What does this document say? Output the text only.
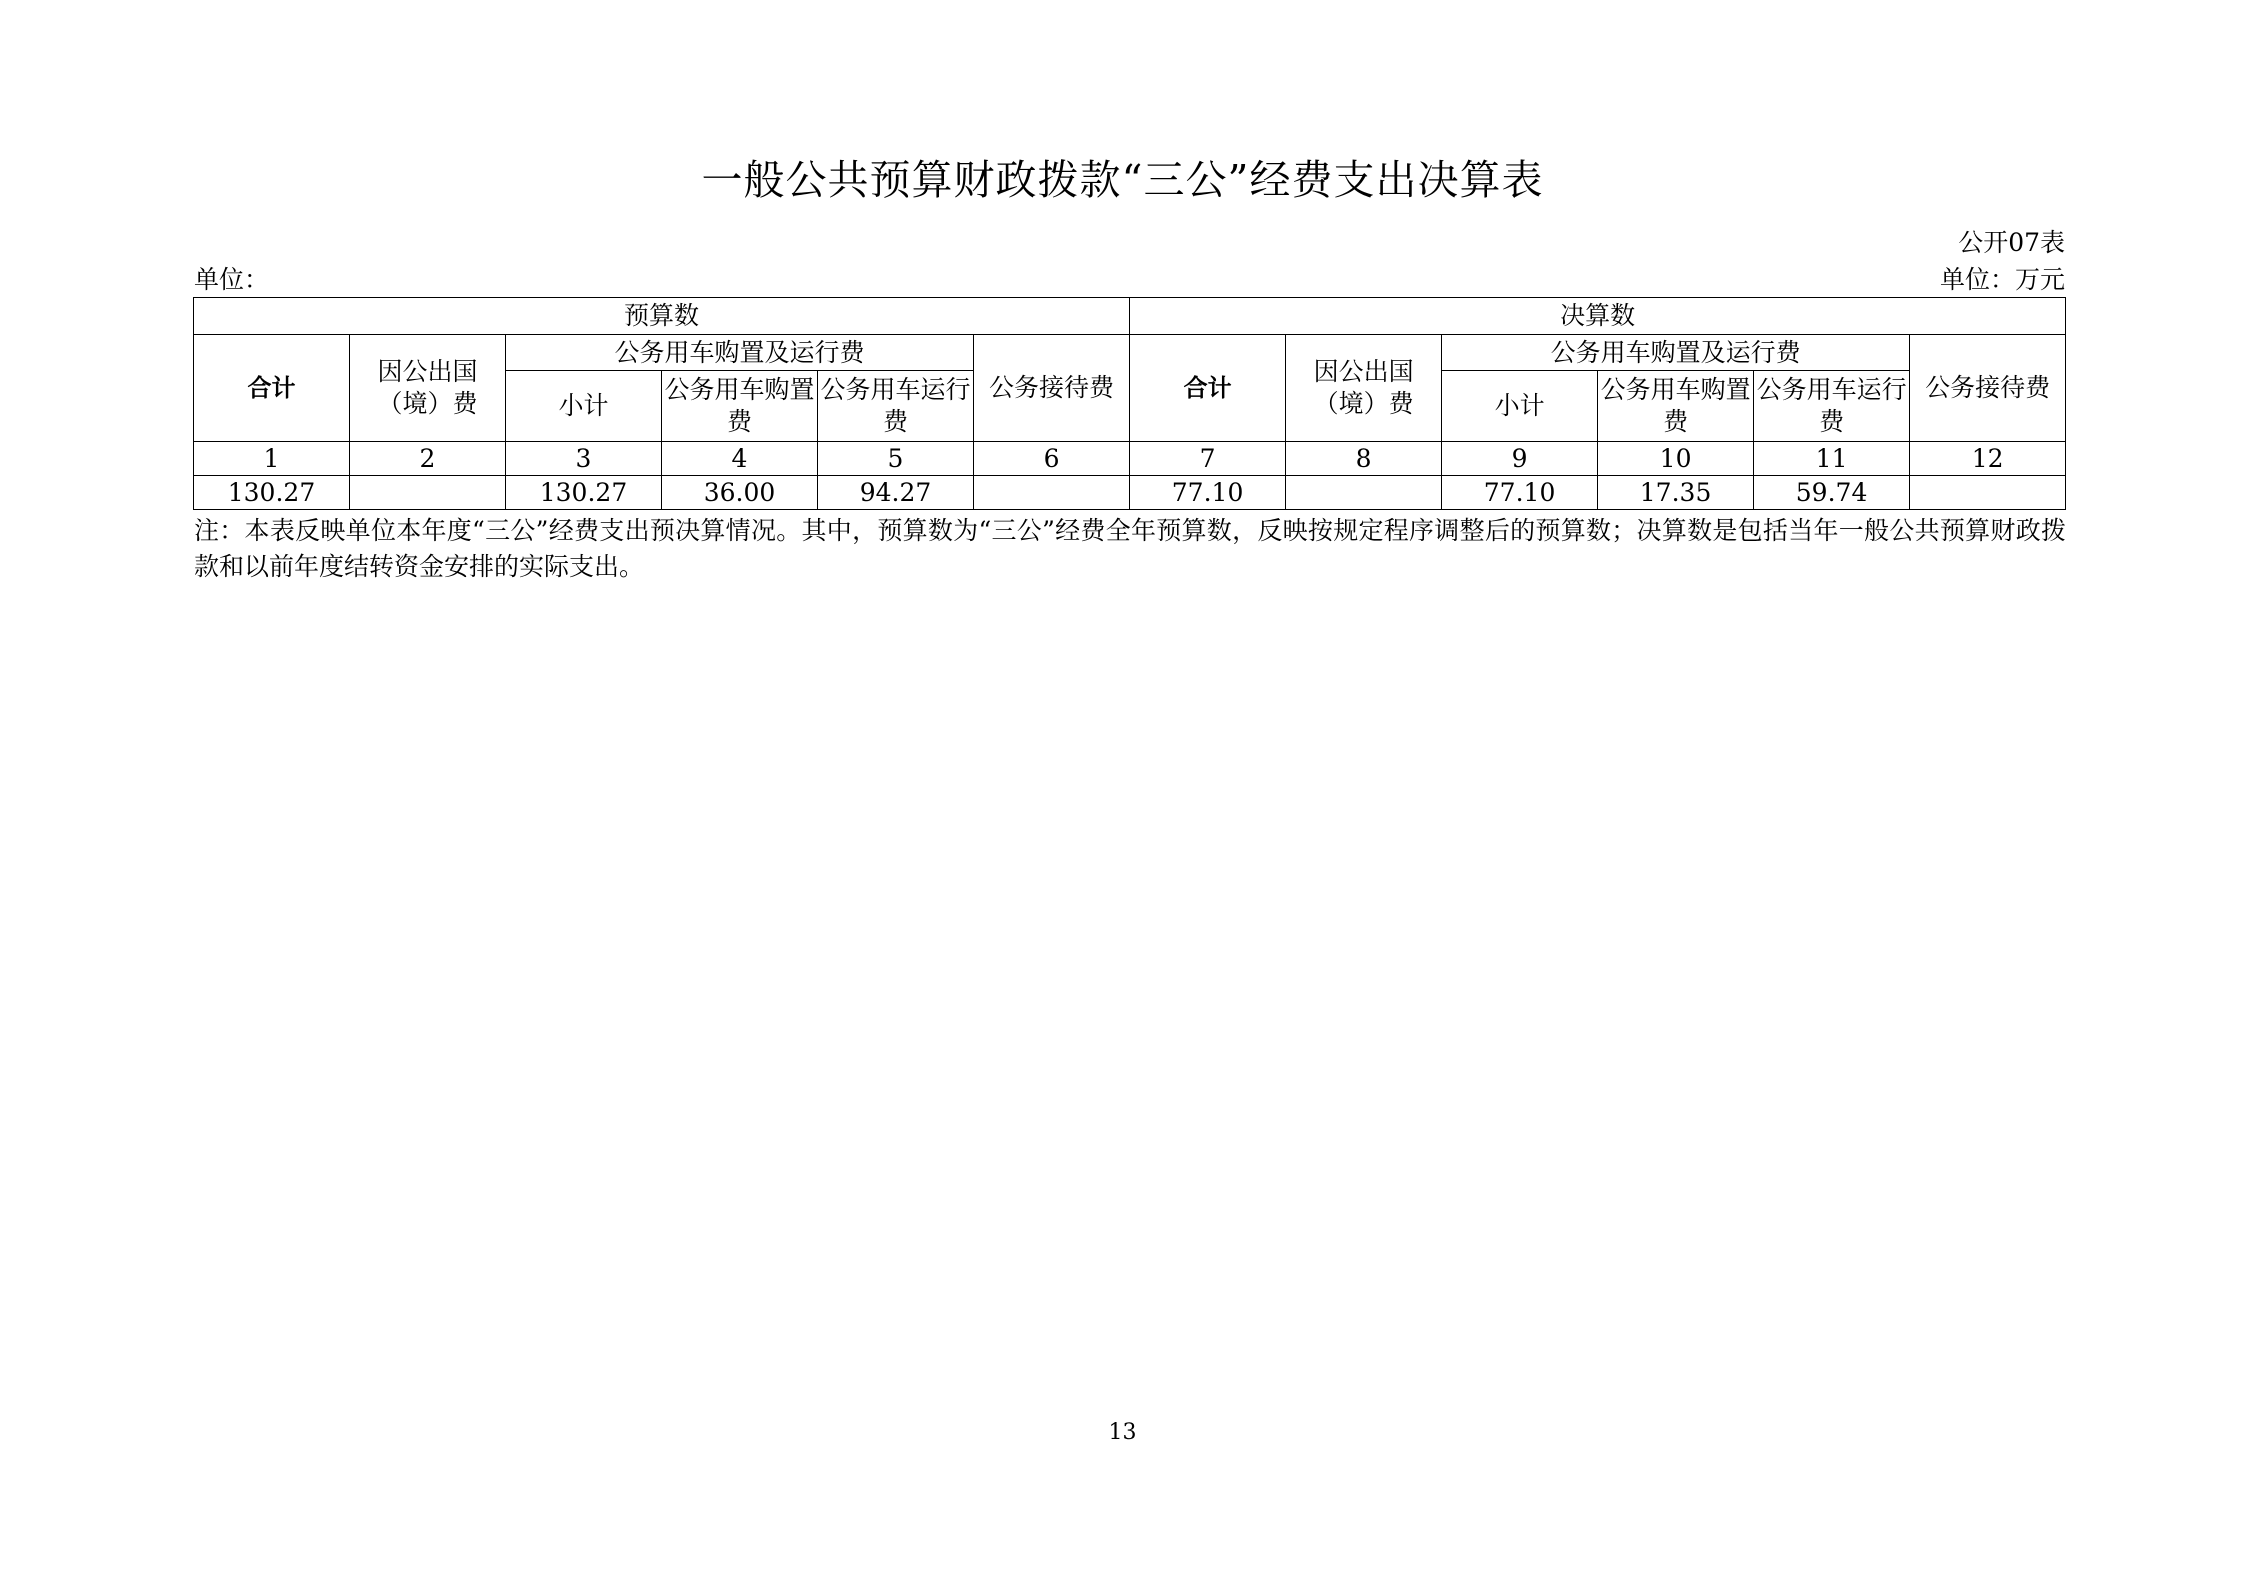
一般公共预算财政拨款“三公”经费支出决算表
公开07表
单位：	单位：万元
预算数						决算数					
合计	因公出国（境）费	公务用车购置及运行费			公务接待费	合计	因公出国（境）费	公务用车购置及运行费			公务接待费
		小计	公务用车购置费	公务用车运行费				小计	公务用车购置费	公务用车运行费	
1	2	3	4	5	6	7	8	9	10	11	12
130.27		130.27	36.00	94.27		77.10		77.10	17.35	59.74	
注：本表反映单位本年度“三公”经费支出预决算情况。其中，预算数为“三公”经费全年预算数，反映按规定程序调整后的预算数；决算数是包括当年一般公共预算财政拨款和以前年度结转资金安排的实际支出。
13
